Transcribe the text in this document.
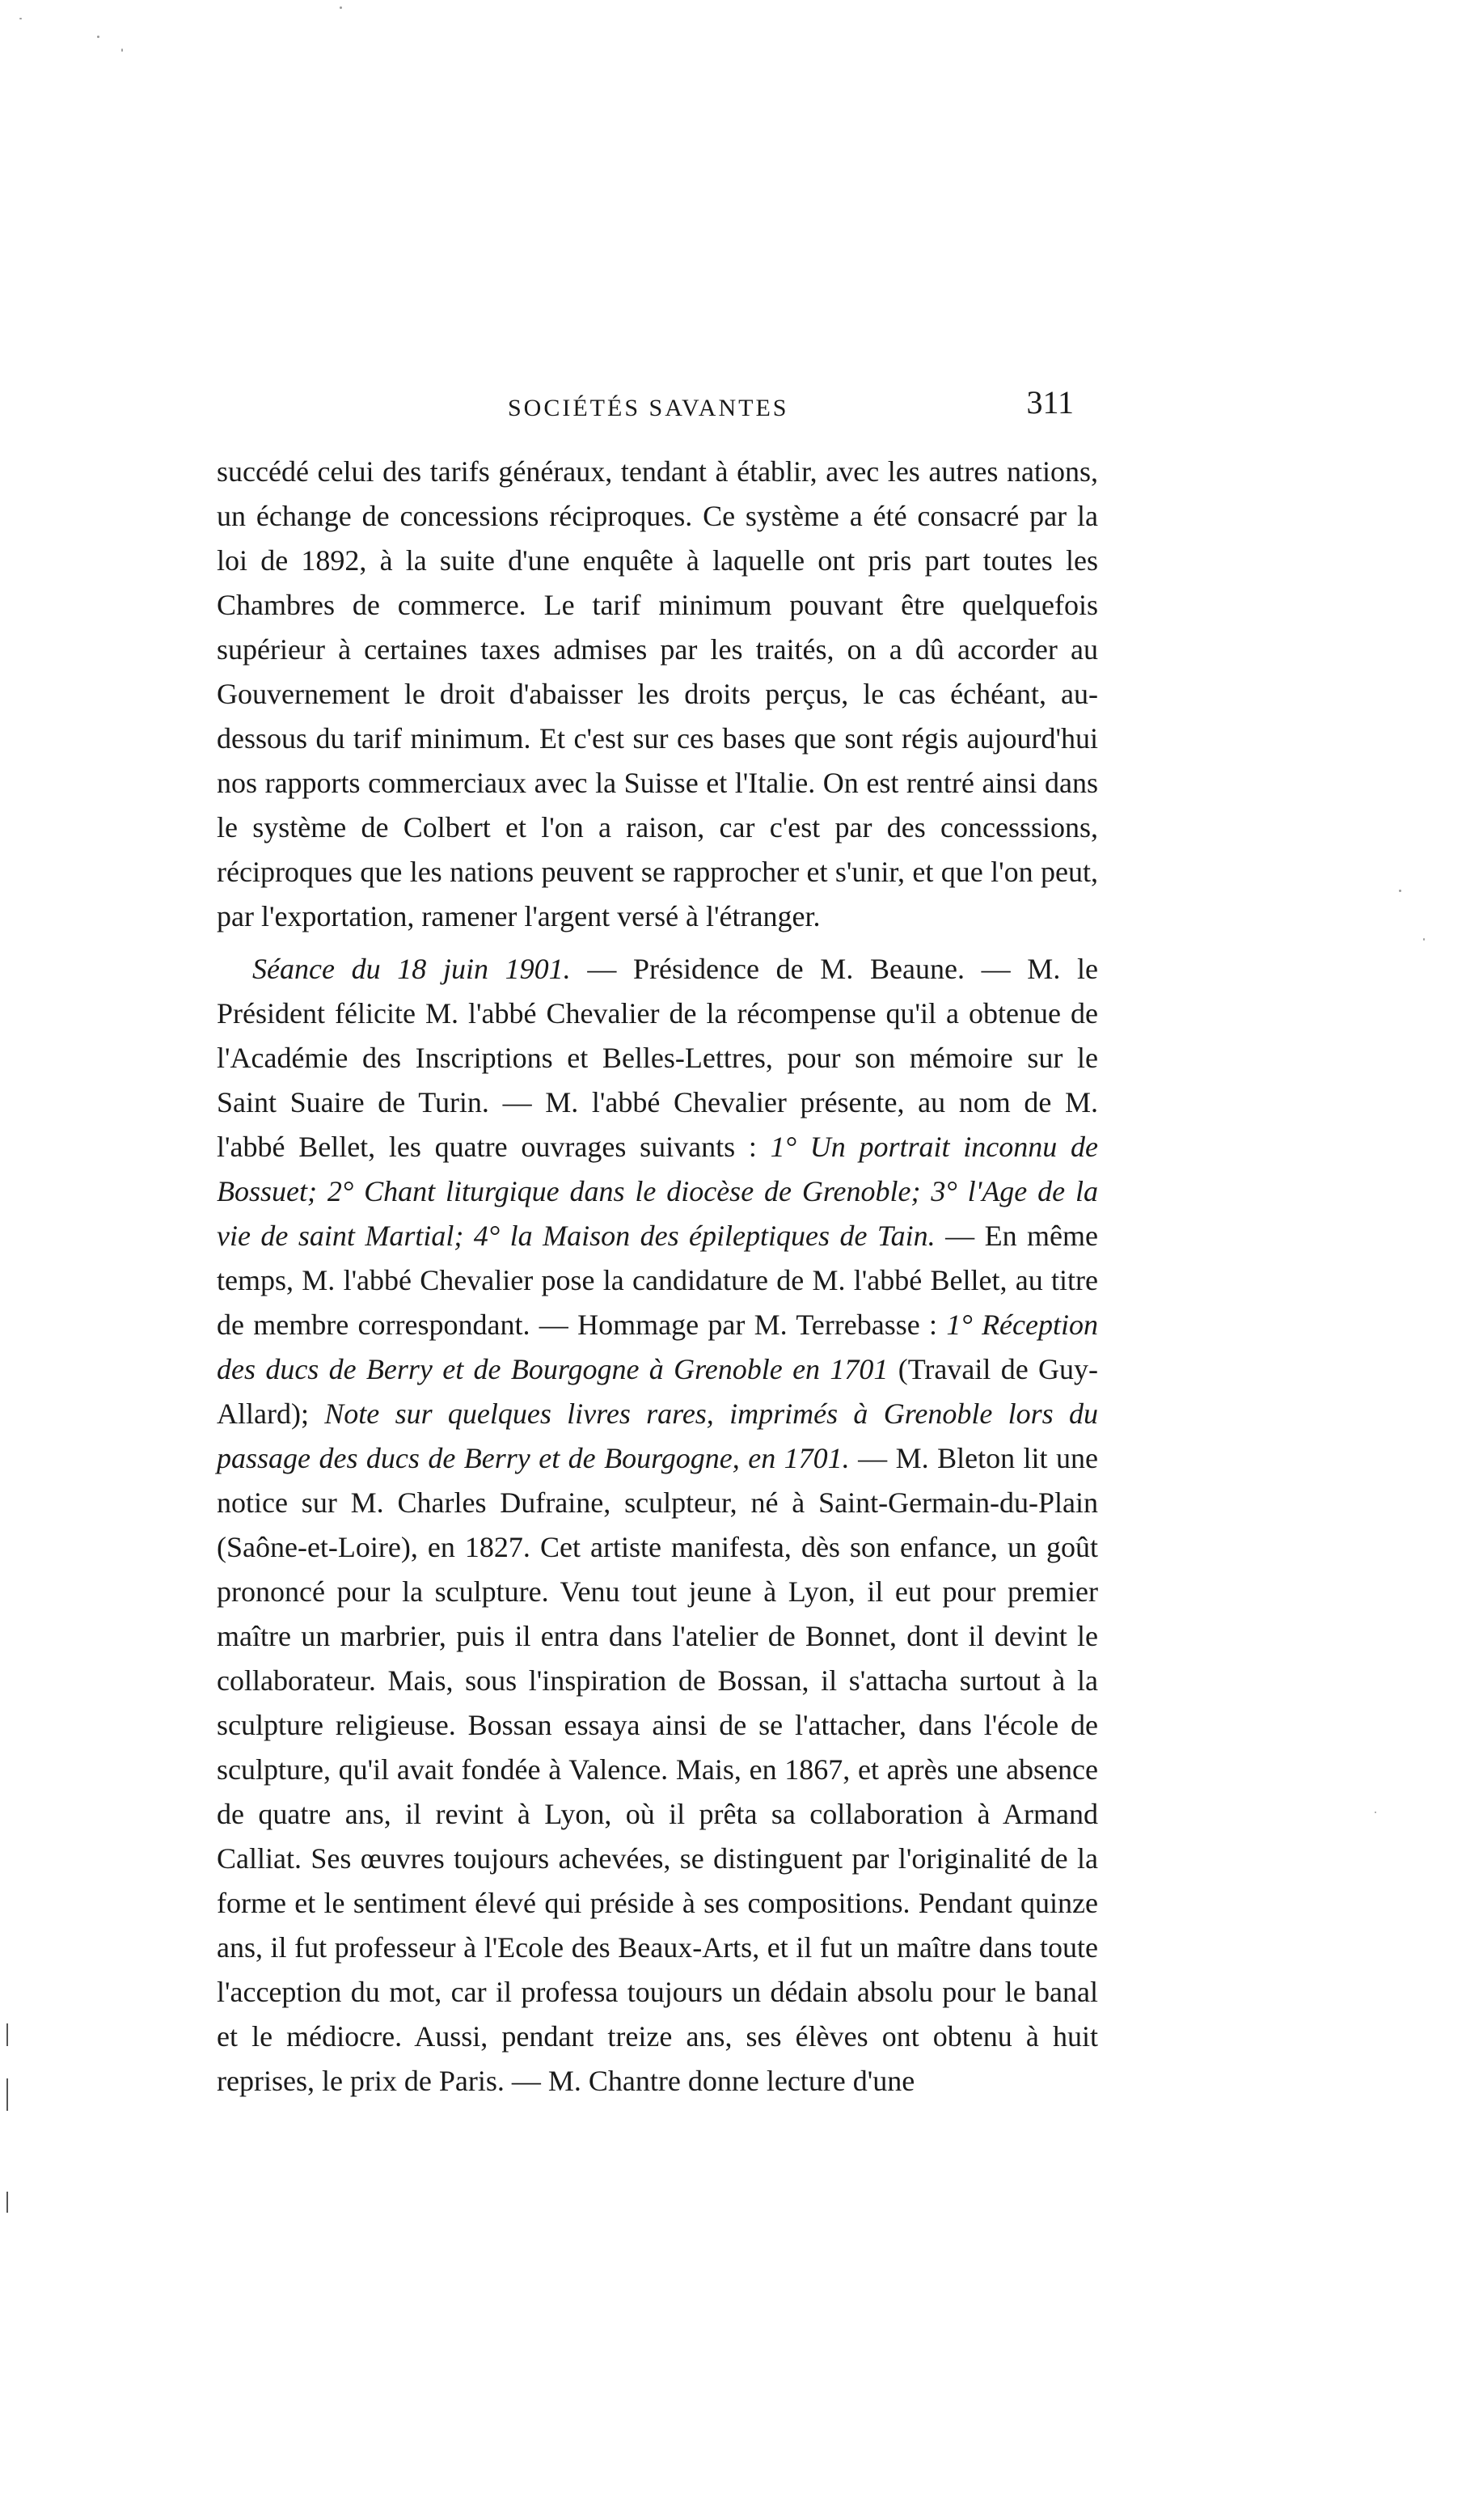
SOCIÉTÉS SAVANTES	311

succédé celui des tarifs généraux, tendant à établir, avec les autres nations, un échange de concessions réciproques. Ce système a été consacré par la loi de 1892, à la suite d'une enquête à laquelle ont pris part toutes les Chambres de commerce. Le tarif minimum pouvant être quelquefois supérieur à certaines taxes admises par les traités, on a dû accorder au Gouvernement le droit d'abaisser les droits perçus, le cas échéant, au-dessous du tarif minimum. Et c'est sur ces bases que sont régis aujourd'hui nos rapports commerciaux avec la Suisse et l'Italie. On est rentré ainsi dans le système de Colbert et l'on a raison, car c'est par des concesssions, réciproques que les nations peuvent se rapprocher et s'unir, et que l'on peut, par l'exportation, ramener l'argent versé à l'étranger.

Séance du 18 juin 1901. — Présidence de M. Beaune. — M. le Président félicite M. l'abbé Chevalier de la récompense qu'il a obtenue de l'Académie des Inscriptions et Belles-Lettres, pour son mémoire sur le Saint Suaire de Turin. — M. l'abbé Chevalier présente, au nom de M. l'abbé Bellet, les quatre ouvrages suivants : 1° Un portrait inconnu de Bossuet; 2° Chant liturgique dans le diocèse de Grenoble; 3° l'Age de la vie de saint Martial; 4° la Maison des épileptiques de Tain. — En même temps, M. l'abbé Chevalier pose la candidature de M. l'abbé Bellet, au titre de membre correspondant. — Hommage par M. Terrebasse : 1° Réception des ducs de Berry et de Bourgogne à Grenoble en 1701 (Travail de Guy-Allard); Note sur quelques livres rares, imprimés à Grenoble lors du passage des ducs de Berry et de Bourgogne, en 1701. — M. Bleton lit une notice sur M. Charles Dufraine, sculpteur, né à Saint-Germain-du-Plain (Saône-et-Loire), en 1827. Cet artiste manifesta, dès son enfance, un goût prononcé pour la sculpture. Venu tout jeune à Lyon, il eut pour premier maître un marbrier, puis il entra dans l'atelier de Bonnet, dont il devint le collaborateur. Mais, sous l'inspiration de Bossan, il s'attacha surtout à la sculpture religieuse. Bossan essaya ainsi de se l'attacher, dans l'école de sculpture, qu'il avait fondée à Valence. Mais, en 1867, et après une absence de quatre ans, il revint à Lyon, où il prêta sa collaboration à Armand Calliat. Ses œuvres toujours achevées, se distinguent par l'originalité de la forme et le sentiment élevé qui préside à ses compositions. Pendant quinze ans, il fut professeur à l'Ecole des Beaux-Arts, et il fut un maître dans toute l'acception du mot, car il professa toujours un dédain absolu pour le banal et le médiocre. Aussi, pendant treize ans, ses élèves ont obtenu à huit reprises, le prix de Paris. — M. Chantre donne lecture d'une
